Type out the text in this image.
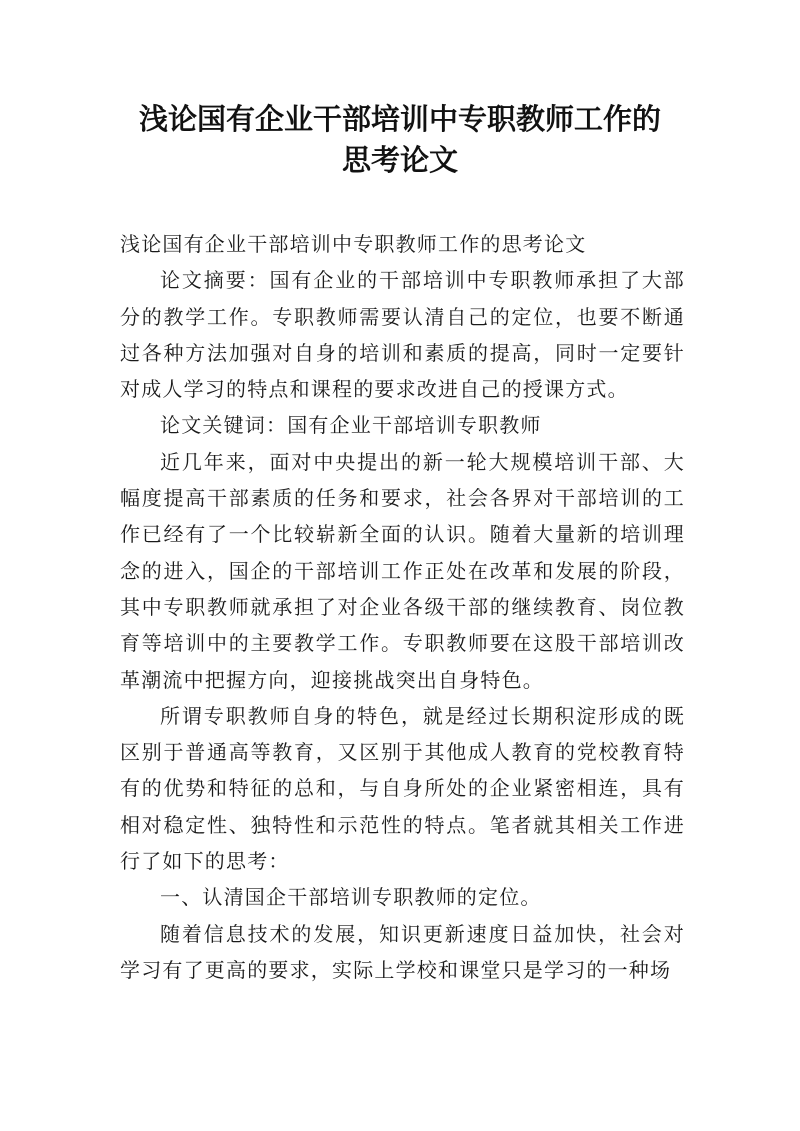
浅论国有企业干部培训中专职教师工作的
思考论文

浅论国有企业干部培训中专职教师工作的思考论文

论文摘要：国有企业的干部培训中专职教师承担了大部分的教学工作。专职教师需要认清自己的定位，也要不断通过各种方法加强对自身的培训和素质的提高，同时一定要针对成人学习的特点和课程的要求改进自己的授课方式。

论文关键词：国有企业干部培训专职教师

近几年来，面对中央提出的新一轮大规模培训干部、大幅度提高干部素质的任务和要求，社会各界对干部培训的工作已经有了一个比较崭新全面的认识。随着大量新的培训理念的进入，国企的干部培训工作正处在改革和发展的阶段，其中专职教师就承担了对企业各级干部的继续教育、岗位教育等培训中的主要教学工作。专职教师要在这股干部培训改革潮流中把握方向，迎接挑战突出自身特色。

所谓专职教师自身的特色，就是经过长期积淀形成的既区别于普通高等教育，又区别于其他成人教育的党校教育特有的优势和特征的总和，与自身所处的企业紧密相连，具有相对稳定性、独特性和示范性的特点。笔者就其相关工作进行了如下的思考：

一、认清国企干部培训专职教师的定位。

随着信息技术的发展，知识更新速度日益加快，社会对学习有了更高的要求，实际上学校和课堂只是学习的一种场
